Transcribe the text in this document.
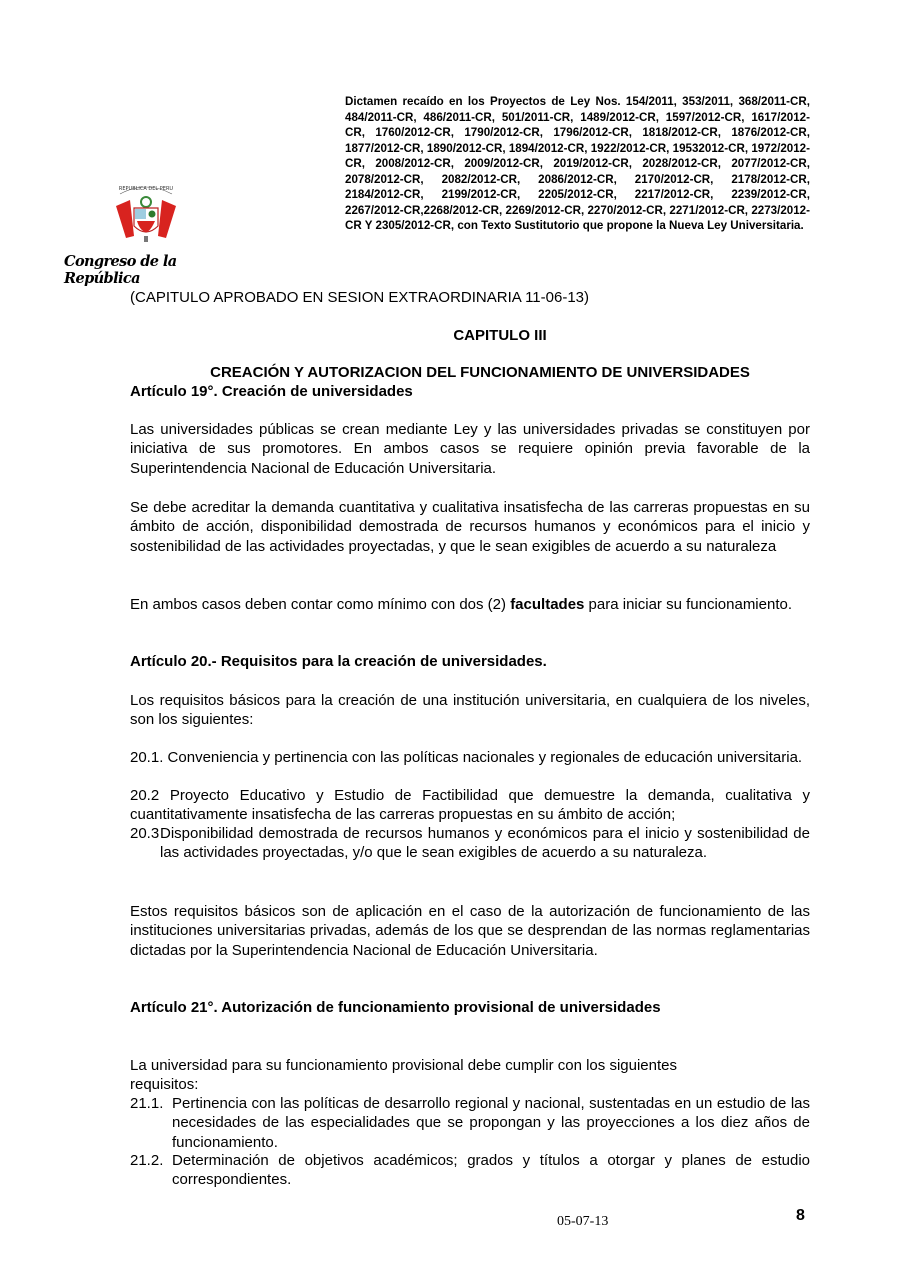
Dictamen recaído en los Proyectos de Ley Nos. 154/2011, 353/2011, 368/2011-CR, 484/2011-CR, 486/2011-CR, 501/2011-CR, 1489/2012-CR, 1597/2012-CR, 1617/2012-CR, 1760/2012-CR, 1790/2012-CR, 1796/2012-CR, 1818/2012-CR, 1876/2012-CR, 1877/2012-CR, 1890/2012-CR, 1894/2012-CR, 1922/2012-CR, 19532012-CR, 1972/2012-CR, 2008/2012-CR, 2009/2012-CR, 2019/2012-CR, 2028/2012-CR, 2077/2012-CR, 2078/2012-CR, 2082/2012-CR, 2086/2012-CR, 2170/2012-CR, 2178/2012-CR, 2184/2012-CR, 2199/2012-CR, 2205/2012-CR, 2217/2012-CR, 2239/2012-CR, 2267/2012-CR,2268/2012-CR, 2269/2012-CR, 2270/2012-CR, 2271/2012-CR, 2273/2012-CR Y 2305/2012-CR, con Texto Sustitutorio que propone la Nueva Ley Universitaria.
REPUBLICA DEL PERU
Congreso de la República
(CAPITULO APROBADO EN SESION EXTRAORDINARIA 11-06-13)
CAPITULO III
CREACIÓN Y AUTORIZACION DEL FUNCIONAMIENTO DE UNIVERSIDADES
Artículo 19°. Creación de universidades
Las universidades públicas se crean mediante Ley y las universidades privadas se constituyen por iniciativa de sus promotores. En ambos casos se requiere opinión previa favorable de la Superintendencia Nacional de Educación Universitaria.
Se debe acreditar la demanda cuantitativa y cualitativa insatisfecha de las carreras propuestas en su ámbito de acción, disponibilidad demostrada de recursos humanos y económicos para el inicio y sostenibilidad de las actividades proyectadas, y que le sean exigibles de acuerdo a su naturaleza
En ambos casos deben contar como mínimo con dos (2) facultades para iniciar su funcionamiento.
Artículo 20.- Requisitos para la creación de universidades.
Los requisitos básicos para la creación de una institución universitaria, en cualquiera de los niveles, son los siguientes:
20.1. Conveniencia y pertinencia con las políticas nacionales y regionales de educación universitaria.
20.2 Proyecto Educativo y Estudio de Factibilidad que demuestre la demanda, cualitativa y cuantitativamente insatisfecha de las carreras propuestas en su ámbito de acción;
20.3 Disponibilidad demostrada de recursos humanos y económicos para el inicio y sostenibilidad de las actividades proyectadas, y/o que le sean exigibles de acuerdo a su naturaleza.
Estos requisitos básicos son de aplicación en el caso de la autorización de funcionamiento de las instituciones universitarias privadas, además de los que se desprendan de las normas reglamentarias dictadas por la Superintendencia Nacional de Educación Universitaria.
Artículo 21°. Autorización de funcionamiento provisional de universidades
La universidad para su funcionamiento provisional debe cumplir con los siguientes
requisitos:
21.1. Pertinencia con las políticas de desarrollo regional y nacional, sustentadas en un estudio de las necesidades de las especialidades que se propongan y las proyecciones a los diez años de funcionamiento.
21.2. Determinación de objetivos académicos; grados y títulos a otorgar y planes de estudio correspondientes.
05-07-13	8
